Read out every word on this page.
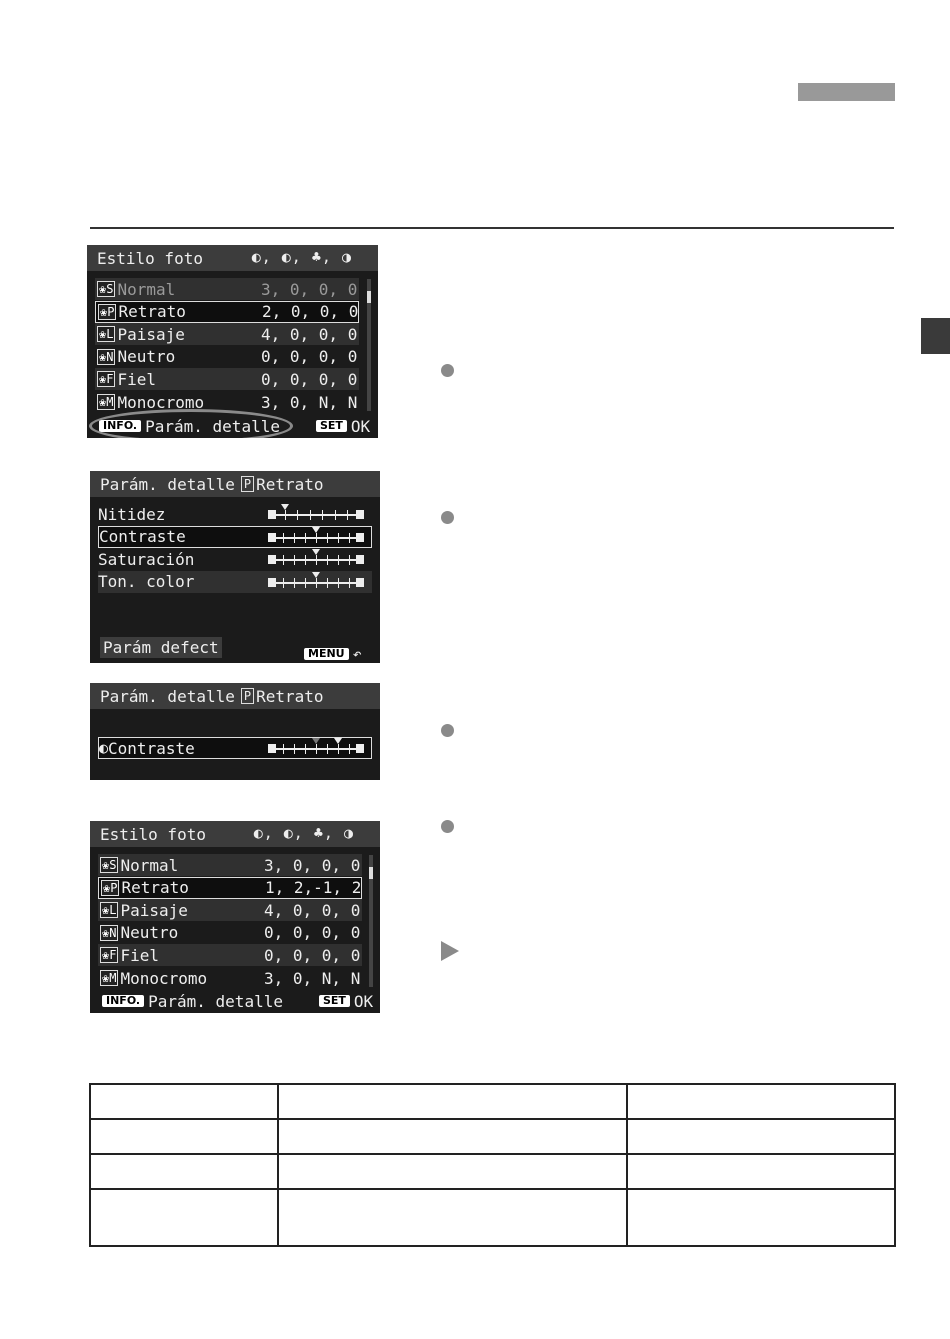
Estilo foto	◐, ◐, ♣, ◑
❀S Normal	3, 0, 0, 0
❀P Retrato	2, 0, 0, 0
❀L Paisaje	4, 0, 0, 0
❀N Neutro	0, 0, 0, 0
❀F Fiel	0, 0, 0, 0
❀M Monocromo	3, 0, N, N
INFO. Parám. detalle	SET OK
Parám. detalle P Retrato
Nitidez
Contraste
Saturación
Ton. color
Parám defect	MENU ↶
Parám. detalle P Retrato
◐ Contraste
Estilo foto	◐, ◐, ♣, ◑
❀S Normal	3, 0, 0, 0
❀P Retrato	1, 2,-1, 2
❀L Paisaje	4, 0, 0, 0
❀N Neutro	0, 0, 0, 0
❀F Fiel	0, 0, 0, 0
❀M Monocromo	3, 0, N, N
INFO. Parám. detalle	SET OK
